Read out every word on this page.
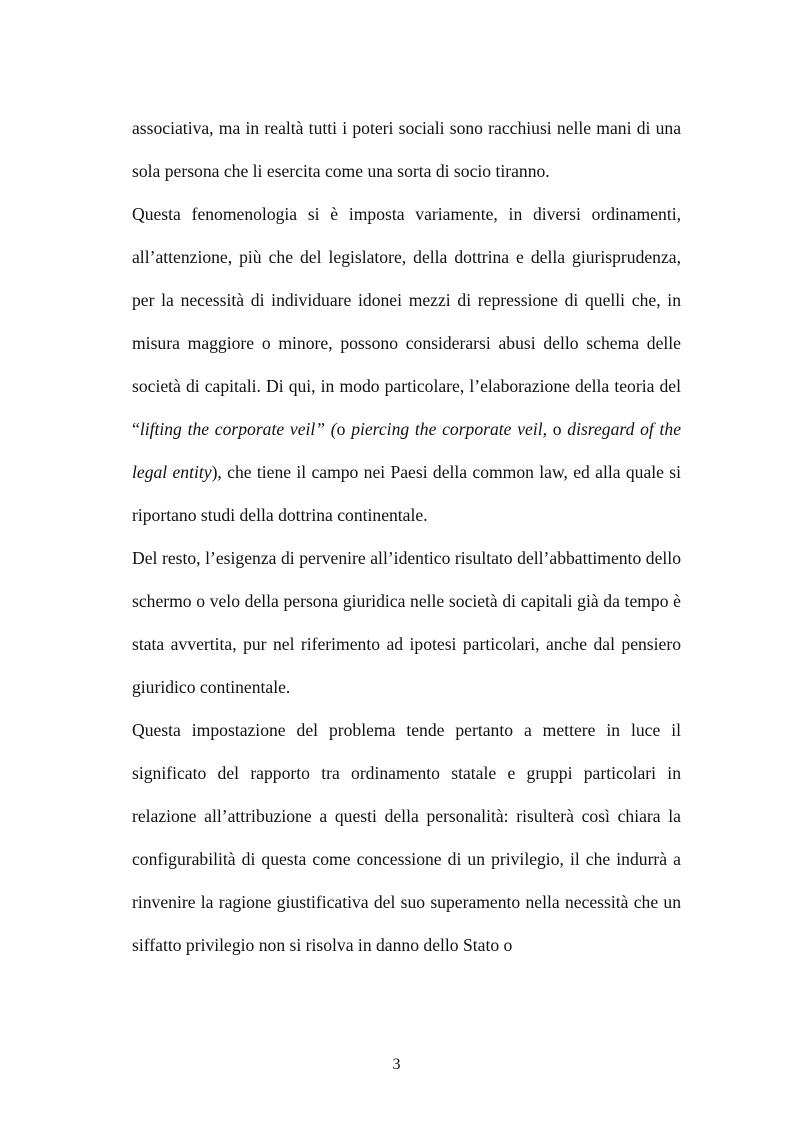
associativa, ma in realtà tutti i poteri sociali sono racchiusi nelle mani di una sola persona che li esercita come una sorta di socio tiranno.

Questa fenomenologia si è imposta variamente, in diversi ordinamenti, all’attenzione, più che del legislatore, della dottrina e della giurisprudenza, per la necessità di individuare idonei mezzi di repressione di quelli che, in misura maggiore o minore, possono considerarsi abusi dello schema delle società di capitali. Di qui, in modo particolare, l’elaborazione della teoria del “lifting the corporate veil” (o piercing the corporate veil, o disregard of the legal entity), che tiene il campo nei Paesi della common law, ed alla quale si riportano studi della dottrina continentale.

Del resto, l’esigenza di pervenire all’identico risultato dell’abbattimento dello schermo o velo della persona giuridica nelle società di capitali già da tempo è stata avvertita, pur nel riferimento ad ipotesi particolari, anche dal pensiero giuridico continentale.

Questa impostazione del problema tende pertanto a mettere in luce il significato del rapporto tra ordinamento statale e gruppi particolari in relazione all’attribuzione a questi della personalità: risulterà così chiara la configurabilità di questa come concessione di un privilegio, il che indurrà a rinvenire la ragione giustificativa del suo superamento nella necessità che un siffatto privilegio non si risolva in danno dello Stato o

3
